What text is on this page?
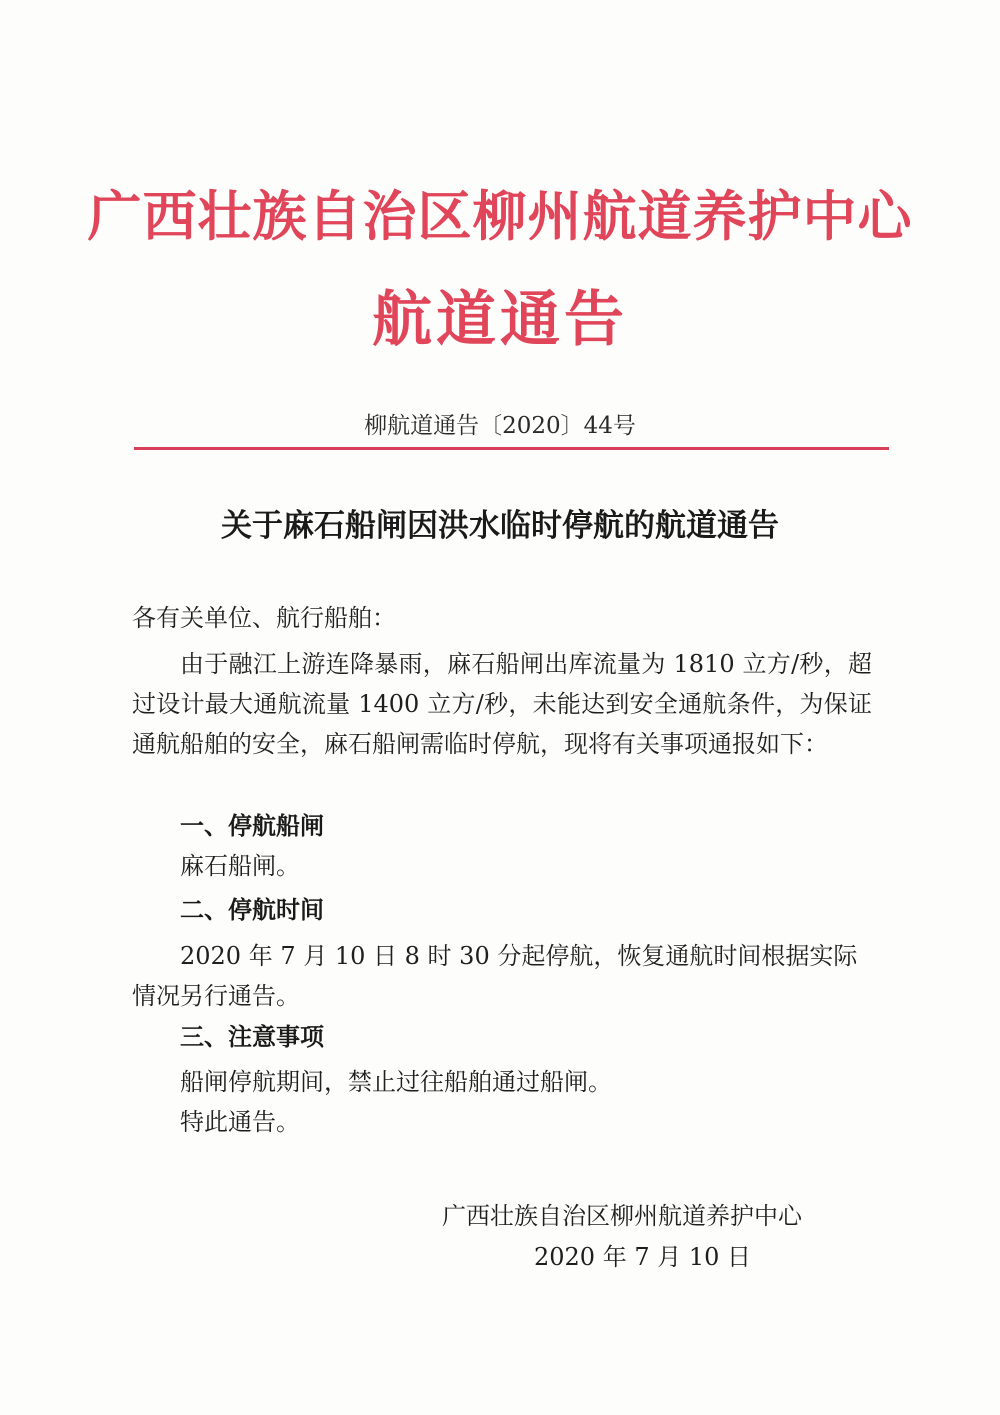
广西壮族自治区柳州航道养护中心
航道通告
柳航道通告〔2020〕44号
关于麻石船闸因洪水临时停航的航道通告
各有关单位、航行船舶：
由于融江上游连降暴雨，麻石船闸出库流量为 1810 立方/秒，超过设计最大通航流量 1400 立方/秒，未能达到安全通航条件，为保证通航船舶的安全，麻石船闸需临时停航，现将有关事项通报如下：
一、停航船闸
麻石船闸。
二、停航时间
2020 年 7 月 10 日 8 时 30 分起停航，恢复通航时间根据实际情况另行通告。
三、注意事项
船闸停航期间，禁止过往船舶通过船闸。
特此通告。
广西壮族自治区柳州航道养护中心
2020 年 7 月 10 日
